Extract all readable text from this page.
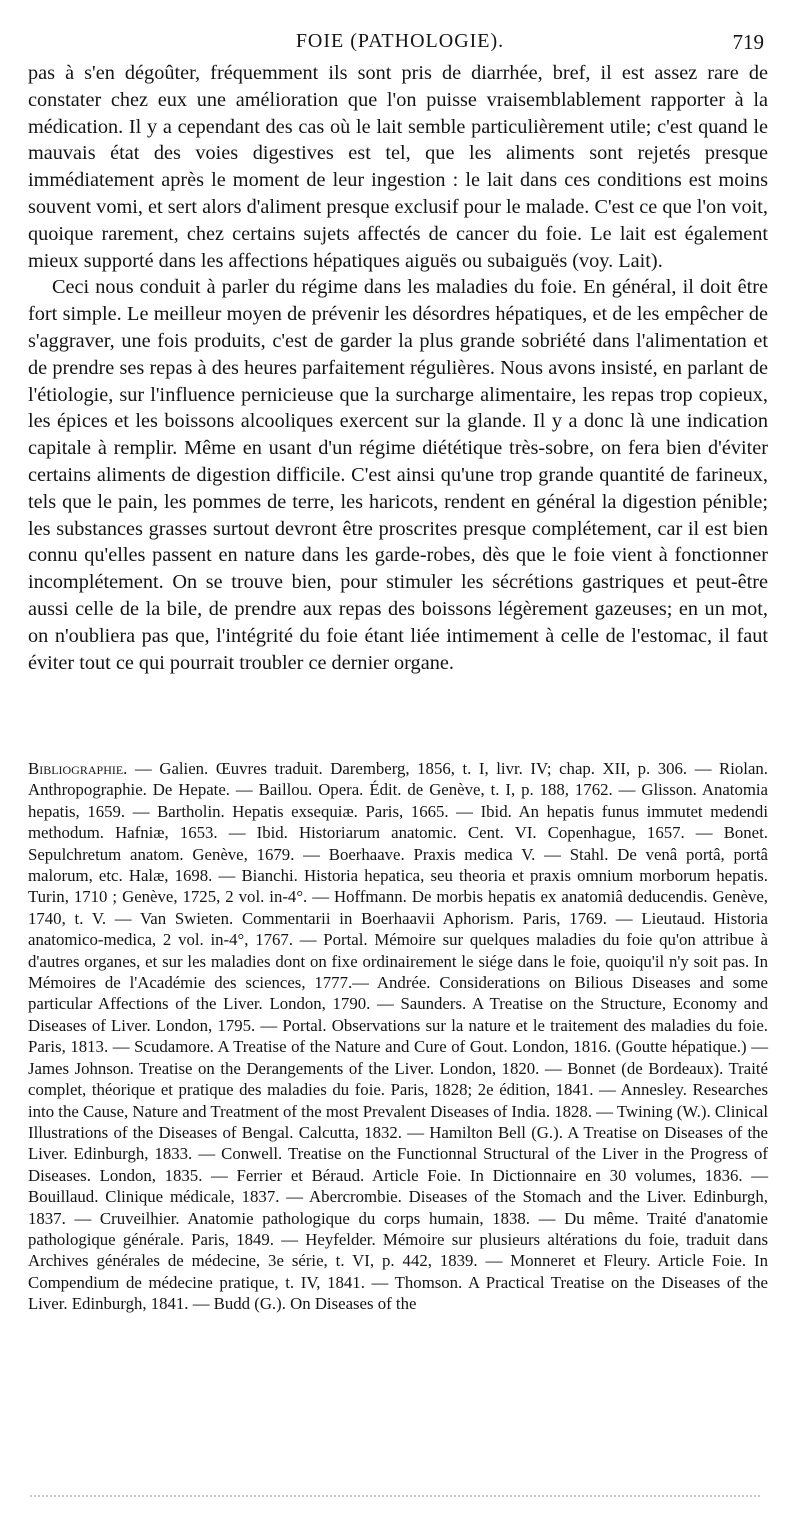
FOIE (PATHOLOGIE).	719

pas à s'en dégoûter, fréquemment ils sont pris de diarrhée, bref, il est assez rare de constater chez eux une amélioration que l'on puisse vraisemblablement rapporter à la médication. Il y a cependant des cas où le lait semble particulièrement utile; c'est quand le mauvais état des voies digestives est tel, que les aliments sont rejetés presque immédiatement après le moment de leur ingestion : le lait dans ces conditions est moins souvent vomi, et sert alors d'aliment presque exclusif pour le malade. C'est ce que l'on voit, quoique rarement, chez certains sujets affectés de cancer du foie. Le lait est également mieux supporté dans les affections hépatiques aiguës ou subaiguës (voy. Lait).

Ceci nous conduit à parler du régime dans les maladies du foie. En général, il doit être fort simple. Le meilleur moyen de prévenir les désordres hépatiques, et de les empêcher de s'aggraver, une fois produits, c'est de garder la plus grande sobriété dans l'alimentation et de prendre ses repas à des heures parfaitement régulières. Nous avons insisté, en parlant de l'étiologie, sur l'influence pernicieuse que la surcharge alimentaire, les repas trop copieux, les épices et les boissons alcooliques exercent sur la glande. Il y a donc là une indication capitale à remplir. Même en usant d'un régime diététique très-sobre, on fera bien d'éviter certains aliments de digestion difficile. C'est ainsi qu'une trop grande quantité de farineux, tels que le pain, les pommes de terre, les haricots, rendent en général la digestion pénible; les substances grasses surtout devront être proscrites presque complétement, car il est bien connu qu'elles passent en nature dans les garde-robes, dès que le foie vient à fonctionner incomplétement. On se trouve bien, pour stimuler les sécrétions gastriques et peut-être aussi celle de la bile, de prendre aux repas des boissons légèrement gazeuses; en un mot, on n'oubliera pas que, l'intégrité du foie étant liée intimement à celle de l'estomac, il faut éviter tout ce qui pourrait troubler ce dernier organe.

Bibliographie. — Galien. Œuvres traduit. Daremberg, 1856, t. I, livr. IV; chap. XII, p. 306. — Riolan. Anthropographie. De Hepate. — Baillou. Opera. Édit. de Genève, t. I, p. 188, 1762. — Glisson. Anatomia hepatis, 1659. — Bartholin. Hepatis exsequiæ. Paris, 1665. — Ibid. An hepatis funus immutet medendi methodum. Hafniæ, 1653. — Ibid. Historiarum anatomic. Cent. VI. Copenhague, 1657. — Bonet. Sepulchretum anatom. Genève, 1679. — Boerhaave. Praxis medica V. — Stahl. De venâ portâ, portâ malorum, etc. Halæ, 1698. — Bianchi. Historia hepatica, seu theoria et praxis omnium morborum hepatis. Turin, 1710 ; Genève, 1725, 2 vol. in-4°. — Hoffmann. De morbis hepatis ex anatomiâ deducendis. Genève, 1740, t. V. — Van Swieten. Commentarii in Boerhaavii Aphorism. Paris, 1769. — Lieutaud. Historia anatomico-medica, 2 vol. in-4°, 1767. — Portal. Mémoire sur quelques maladies du foie qu'on attribue à d'autres organes, et sur les maladies dont on fixe ordinairement le siége dans le foie, quoiqu'il n'y soit pas. In Mémoires de l'Académie des sciences, 1777.— Andrée. Considerations on Bilious Diseases and some particular Affections of the Liver. London, 1790. — Saunders. A Treatise on the Structure, Economy and Diseases of Liver. London, 1795. — Portal. Observations sur la nature et le traitement des maladies du foie. Paris, 1813. — Scudamore. A Treatise of the Nature and Cure of Gout. London, 1816. (Goutte hépatique.) — James Johnson. Treatise on the Derangements of the Liver. London, 1820. — Bonnet (de Bordeaux). Traité complet, théorique et pratique des maladies du foie. Paris, 1828; 2e édition, 1841. — Annesley. Researches into the Cause, Nature and Treatment of the most Prevalent Diseases of India. 1828. — Twining (W.). Clinical Illustrations of the Diseases of Bengal. Calcutta, 1832. — Hamilton Bell (G.). A Treatise on Diseases of the Liver. Edinburgh, 1833. — Conwell. Treatise on the Functionnal Structural of the Liver in the Progress of Diseases. London, 1835. — Ferrier et Béraud. Article Foie. In Dictionnaire en 30 volumes, 1836. — Bouillaud. Clinique médicale, 1837. — Abercrombie. Diseases of the Stomach and the Liver. Edinburgh, 1837. — Cruveilhier. Anatomie pathologique du corps humain, 1838. — Du même. Traité d'anatomie pathologique générale. Paris, 1849. — Heyfelder. Mémoire sur plusieurs altérations du foie, traduit dans Archives générales de médecine, 3e série, t. VI, p. 442, 1839. — Monneret et Fleury. Article Foie. In Compendium de médecine pratique, t. IV, 1841. — Thomson. A Practical Treatise on the Diseases of the Liver. Edinburgh, 1841. — Budd (G.). On Diseases of the
